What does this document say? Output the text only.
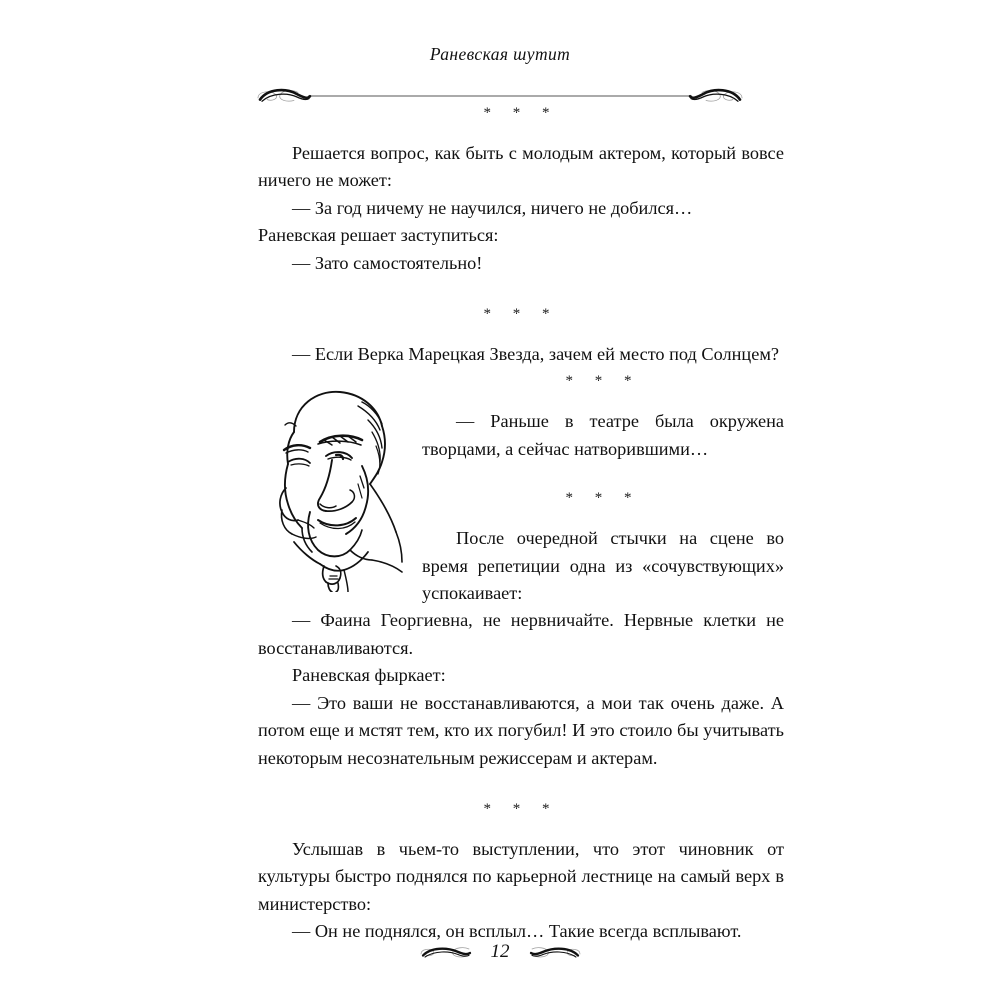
Раневская шутит
* * *

Решается вопрос, как быть с молодым актером, который вовсе ничего не может:

— За год ничему не научился, ничего не добился…

Раневская решает заступиться:

— Зато самостоятельно!

* * *

— Если Верка Марецкая Звезда, зачем ей место под Солнцем?

* * *

— Раньше в театре была окружена творцами, а сейчас натворившими…

* * *

После очередной стычки на сцене во время репетиции одна из «сочувствующих» успокаивает:

— Фаина Георгиевна, не нервничайте. Нервные клетки не восстанавливаются.

Раневская фыркает:

— Это ваши не восстанавливаются, а мои так очень даже. А потом еще и мстят тем, кто их погубил! И это стоило бы учитывать некоторым несознательным режиссерам и актерам.

* * *

Услышав в чьем-то выступлении, что этот чиновник от культуры быстро поднялся по карьерной лестнице на самый верх в министерство:

— Он не поднялся, он всплыл… Такие всегда всплывают.

12
